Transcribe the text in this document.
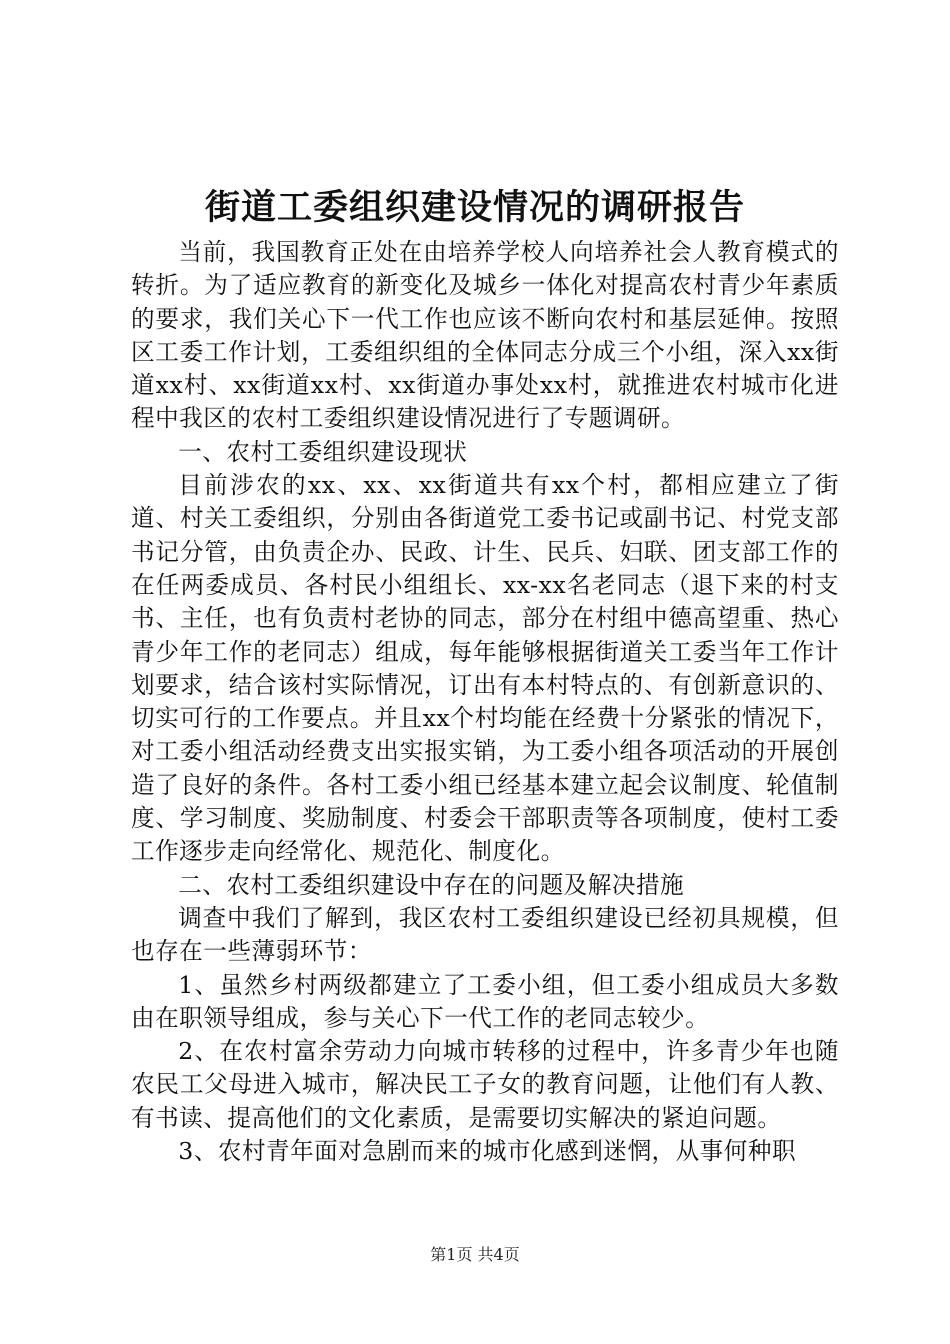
街道工委组织建设情况的调研报告

当前，我国教育正处在由培养学校人向培养社会人教育模式的转折。为了适应教育的新变化及城乡一体化对提高农村青少年素质的要求，我们关心下一代工作也应该不断向农村和基层延伸。按照区工委工作计划，工委组织组的全体同志分成三个小组，深入xx街道xx村、xx街道xx村、xx街道办事处xx村，就推进农村城市化进程中我区的农村工委组织建设情况进行了专题调研。

一、农村工委组织建设现状

目前涉农的xx、xx、xx街道共有xx个村，都相应建立了街道、村关工委组织，分别由各街道党工委书记或副书记、村党支部书记分管，由负责企办、民政、计生、民兵、妇联、团支部工作的在任两委成员、各村民小组组长、xx-xx名老同志（退下来的村支书、主任，也有负责村老协的同志，部分在村组中德高望重、热心青少年工作的老同志）组成，每年能够根据街道关工委当年工作计划要求，结合该村实际情况，订出有本村特点的、有创新意识的、切实可行的工作要点。并且xx个村均能在经费十分紧张的情况下，对工委小组活动经费支出实报实销，为工委小组各项活动的开展创造了良好的条件。各村工委小组已经基本建立起会议制度、轮值制度、学习制度、奖励制度、村委会干部职责等各项制度，使村工委工作逐步走向经常化、规范化、制度化。

二、农村工委组织建设中存在的问题及解决措施

调查中我们了解到，我区农村工委组织建设已经初具规模，但也存在一些薄弱环节：

1、虽然乡村两级都建立了工委小组，但工委小组成员大多数由在职领导组成，参与关心下一代工作的老同志较少。

2、在农村富余劳动力向城市转移的过程中，许多青少年也随农民工父母进入城市，解决民工子女的教育问题，让他们有人教、有书读、提高他们的文化素质，是需要切实解决的紧迫问题。

3、农村青年面对急剧而来的城市化感到迷惘，从事何种职

第1页 共4页
